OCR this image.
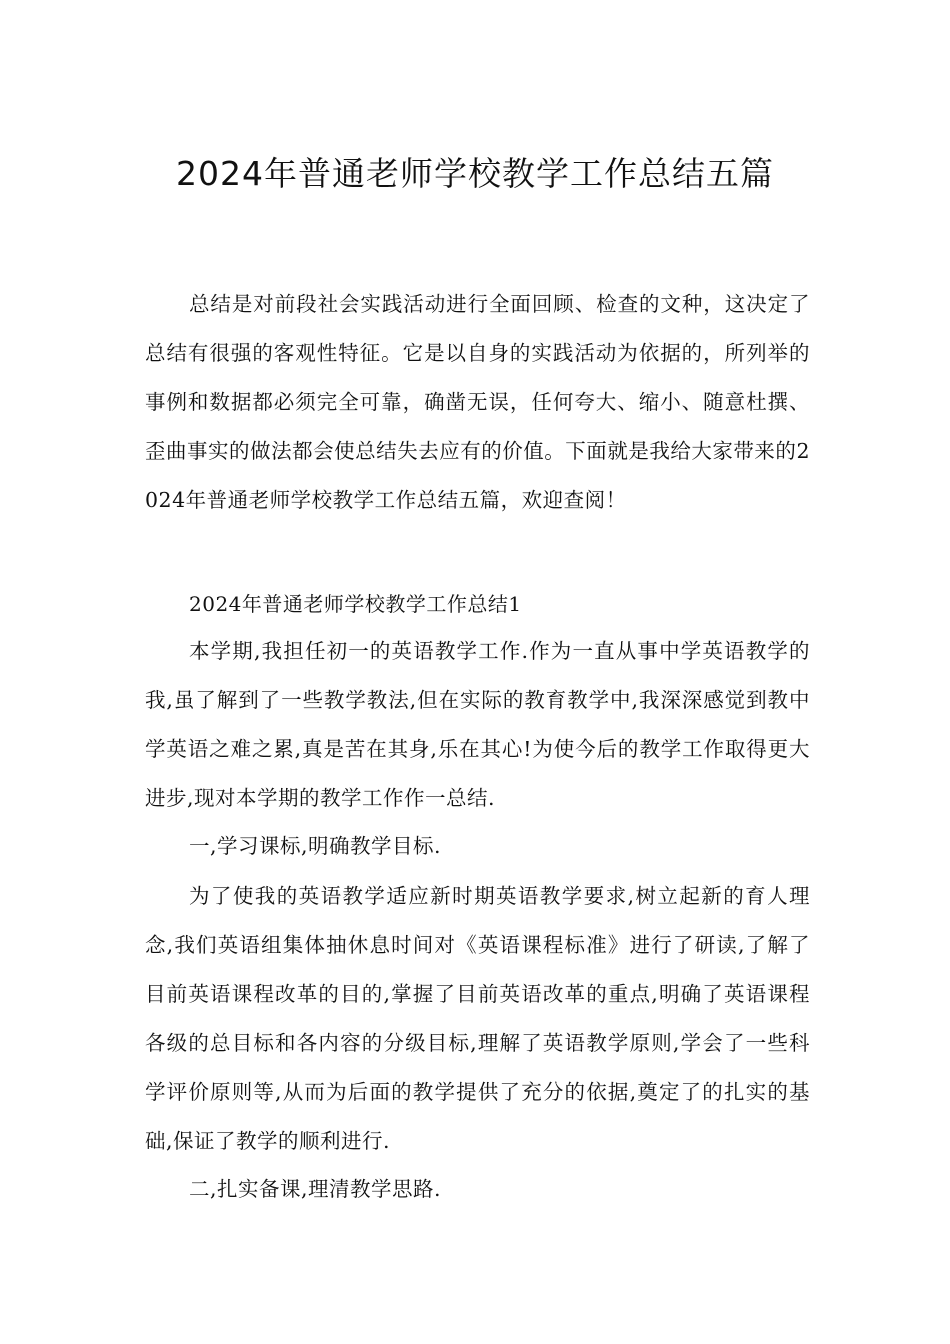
2024年普通老师学校教学工作总结五篇

总结是对前段社会实践活动进行全面回顾、检查的文种，这决定了总结有很强的客观性特征。它是以自身的实践活动为依据的，所列举的事例和数据都必须完全可靠，确凿无误，任何夸大、缩小、随意杜撰、歪曲事实的做法都会使总结失去应有的价值。下面就是我给大家带来的2024年普通老师学校教学工作总结五篇，欢迎查阅！

2024年普通老师学校教学工作总结1

本学期,我担任初一的英语教学工作.作为一直从事中学英语教学的我,虽了解到了一些教学教法,但在实际的教育教学中,我深深感觉到教中学英语之难之累,真是苦在其身,乐在其心!为使今后的教学工作取得更大进步,现对本学期的教学工作作一总结.

一,学习课标,明确教学目标.

为了使我的英语教学适应新时期英语教学要求,树立起新的育人理念,我们英语组集体抽休息时间对《英语课程标准》进行了研读,了解了目前英语课程改革的目的,掌握了目前英语改革的重点,明确了英语课程各级的总目标和各内容的分级目标,理解了英语教学原则,学会了一些科学评价原则等,从而为后面的教学提供了充分的依据,奠定了的扎实的基础,保证了教学的顺利进行.

二,扎实备课,理清教学思路.
